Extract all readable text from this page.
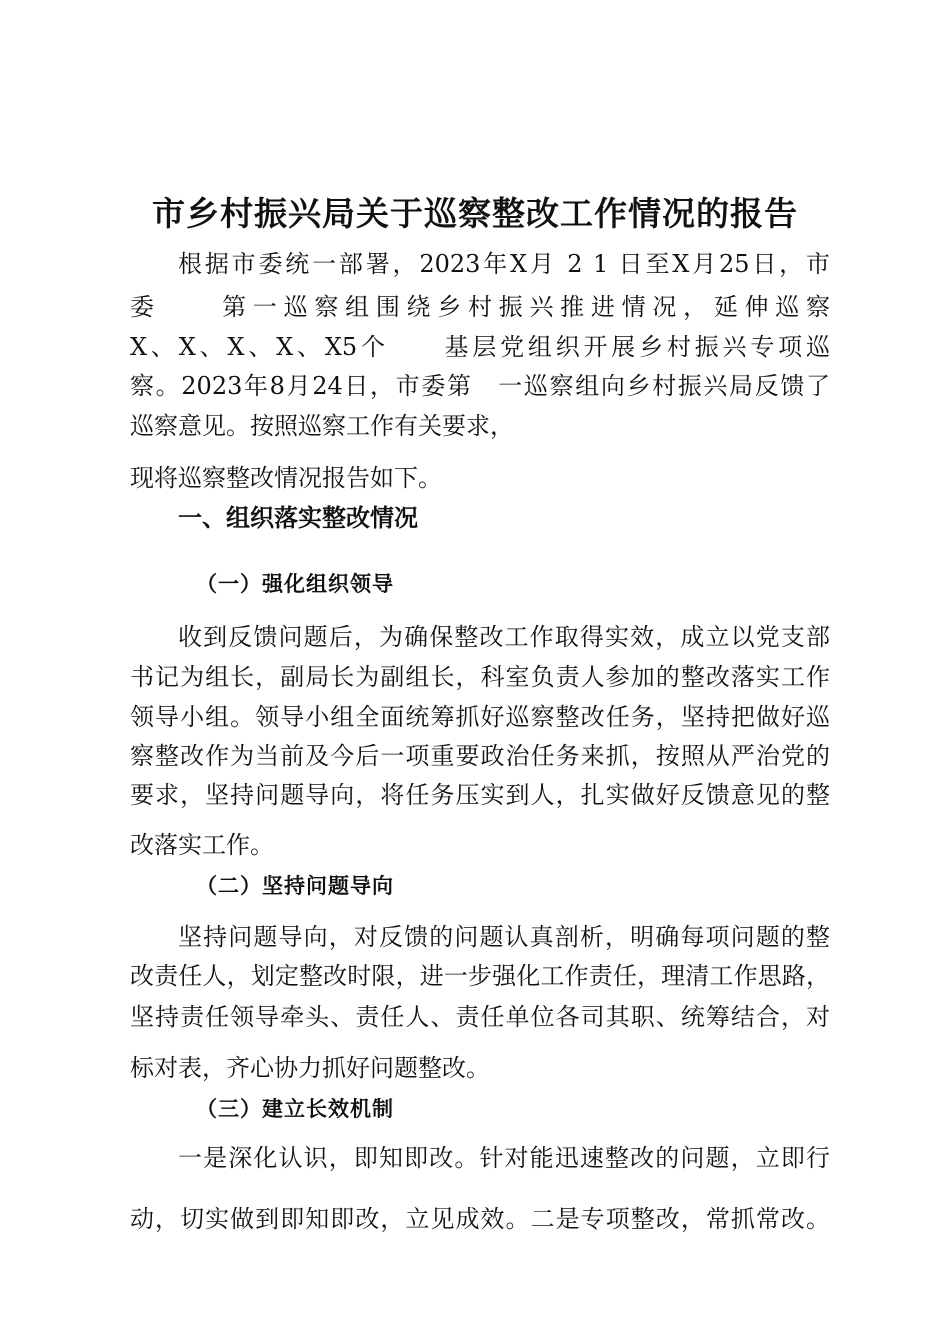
市乡村振兴局关于巡察整改工作情况的报告
根据市委统一部署，2023年X月 2 1 日至X月25日，市
委　　第一巡察组围绕乡村振兴推进情况，延伸巡察
X、X、X、X、X5个　　基层党组织开展乡村振兴专项巡
察。2023年8月24日，市委第　一巡察组向乡村振兴局反馈了
巡察意见。按照巡察工作有关要求，
现将巡察整改情况报告如下。
一、组织落实整改情况
（一）强化组织领导
收到反馈问题后，为确保整改工作取得实效，成立以党支部
书记为组长，副局长为副组长，科室负责人参加的整改落实工作
领导小组。领导小组全面统筹抓好巡察整改任务，坚持把做好巡
察整改作为当前及今后一项重要政治任务来抓，按照从严治党的
要求，坚持问题导向，将任务压实到人，扎实做好反馈意见的整
改落实工作。
（二）坚持问题导向
坚持问题导向，对反馈的问题认真剖析，明确每项问题的整
改责任人，划定整改时限，进一步强化工作责任，理清工作思路，
坚持责任领导牵头、责任人、责任单位各司其职、统筹结合，对
标对表，齐心协力抓好问题整改。
（三）建立长效机制
一是深化认识，即知即改。针对能迅速整改的问题，立即行
动，切实做到即知即改，立见成效。二是专项整改，常抓常改。
